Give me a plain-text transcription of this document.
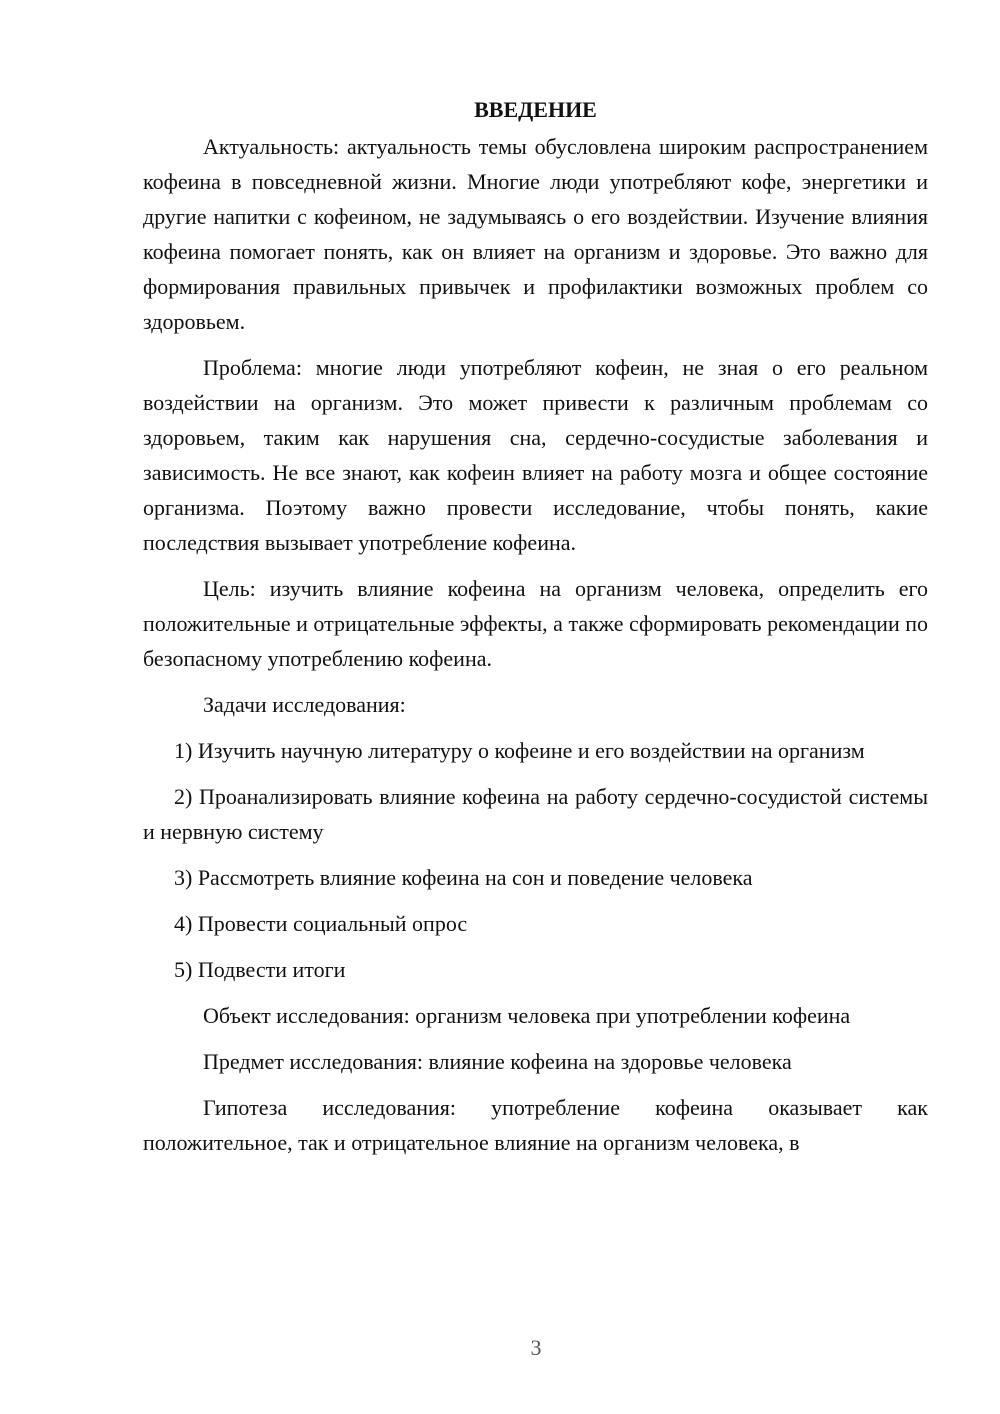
ВВЕДЕНИЕ

Актуальность: актуальность темы обусловлена широким распространением кофеина в повседневной жизни. Многие люди употребляют кофе, энергетики и другие напитки с кофеином, не задумываясь о его воздействии. Изучение влияния кофеина помогает понять, как он влияет на организм и здоровье. Это важно для формирования правильных привычек и профилактики возможных проблем со здоровьем.

Проблема: многие люди употребляют кофеин, не зная о его реальном воздействии на организм. Это может привести к различным проблемам со здоровьем, таким как нарушения сна, сердечно-сосудистые заболевания и зависимость. Не все знают, как кофеин влияет на работу мозга и общее состояние организма. Поэтому важно провести исследование, чтобы понять, какие последствия вызывает употребление кофеина.

Цель: изучить влияние кофеина на организм человека, определить его положительные и отрицательные эффекты, а также сформировать рекомендации по безопасному употреблению кофеина.

Задачи исследования:

1) Изучить научную литературу о кофеине и его воздействии на организм

2) Проанализировать влияние кофеина на работу сердечно-сосудистой системы и нервную систему

3) Рассмотреть влияние кофеина на сон и поведение человека

4) Провести социальный опрос

5) Подвести итоги

Объект исследования: организм человека при употреблении кофеина

Предмет исследования: влияние кофеина на здоровье человека

Гипотеза исследования: употребление кофеина оказывает как положительное, так и отрицательное влияние на организм человека, в

3
